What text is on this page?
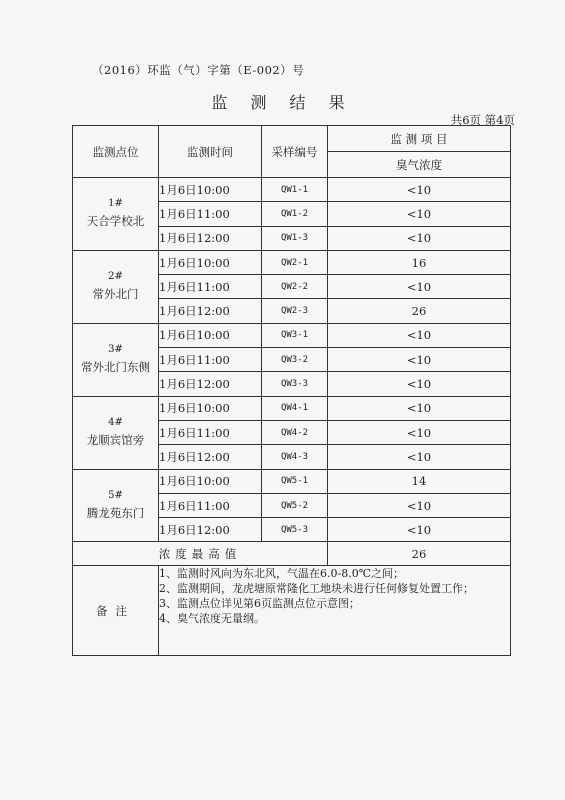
（2016）环监（气）字第（E-002）号
监 测 结 果
共6页 第4页
监测点位	监测时间	采样编号	监 测 项 目
			臭气浓度

1#
天合学校北	1月6日10:00	QW1-1	<10
	1月6日11:00	QW1-2	<10
	1月6日12:00	QW1-3	<10

2#
常外北门	1月6日10:00	QW2-1	16
	1月6日11:00	QW2-2	<10
	1月6日12:00	QW2-3	26

3#
常外北门东侧	1月6日10:00	QW3-1	<10
	1月6日11:00	QW3-2	<10
	1月6日12:00	QW3-3	<10

4#
龙顺宾馆旁	1月6日10:00	QW4-1	<10
	1月6日11:00	QW4-2	<10
	1月6日12:00	QW4-3	<10

5#
腾龙苑东门	1月6日10:00	QW5-1	14
	1月6日11:00	QW5-2	<10
	1月6日12:00	QW5-3	<10
浓度最高值			26
备注	1、监测时风向为东北风，气温在6.0-8.0℃之间；
2、监测期间，龙虎塘原常隆化工地块未进行任何修复处置工作；
3、监测点位详见第6页监测点位示意图；
4、臭气浓度无量纲。		
